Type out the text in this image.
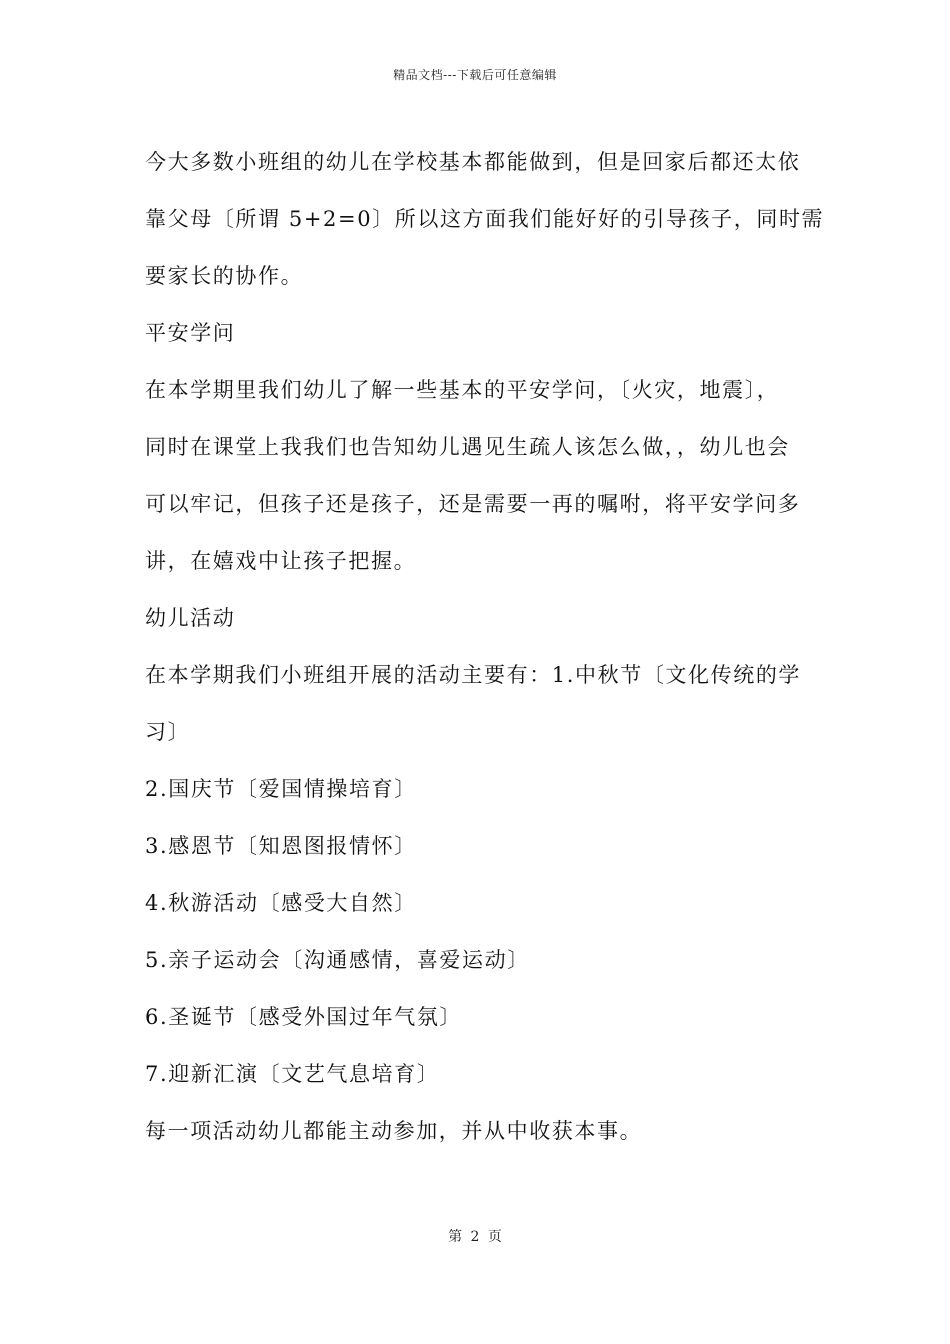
精品文档---下载后可任意编辑
今大多数小班组的幼儿在学校基本都能做到，但是回家后都还太依
靠父母〔所谓 5+2=0〕所以这方面我们能好好的引导孩子，同时需
要家长的协作。
平安学问
在本学期里我们幼儿了解一些基本的平安学问，〔火灾，地震〕，
同时在课堂上我我们也告知幼儿遇见生疏人该怎么做，，幼儿也会
可以牢记，但孩子还是孩子，还是需要一再的嘱咐，将平安学问多
讲，在嬉戏中让孩子把握。
幼儿活动
在本学期我们小班组开展的活动主要有：1.中秋节〔文化传统的学
习〕
2.国庆节〔爱国情操培育〕
3.感恩节〔知恩图报情怀〕
4.秋游活动〔感受大自然〕
5.亲子运动会〔沟通感情，喜爱运动〕
6.圣诞节〔感受外国过年气氛〕
7.迎新汇演〔文艺气息培育〕
每一项活动幼儿都能主动参加，并从中收获本事。
第 2 页
